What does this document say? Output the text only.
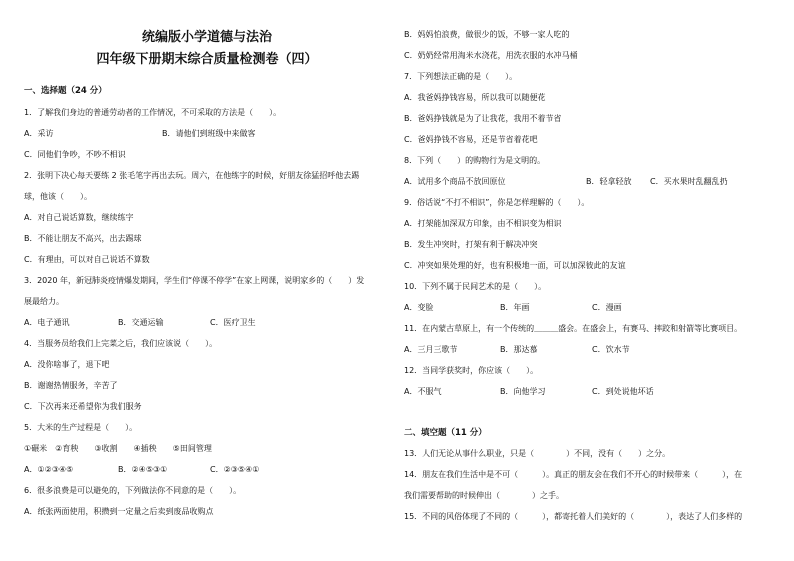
统编版小学道德与法治
四年级下册期末综合质量检测卷（四）
一、选择题（24 分）
1．了解我们身边的普通劳动者的工作情况，不可采取的方法是（　　）。
A．采访	B．请他们到班级中来做客
C．同他们争吵，不吵不相识
2．张明下决心每天要练 2 张毛笔字再出去玩。周六，在他练字的时候，好朋友徐猛招呼他去踢
球，他该（　　）。
A．对自己说话算数，继续练字
B．不能让朋友不高兴，出去踢球
C．有理由，可以对自己说话不算数
3．2020 年，新冠肺炎疫情爆发期间，学生们“停课不停学”在家上网课，说明家乡的（　　）发
展最给力。
A．电子通讯	B．交通运输	C．医疗卫生
4．当服务员给我们上完菜之后，我们应该说（　　）。
A．没你啥事了，退下吧
B．谢谢热情服务，辛苦了
C．下次再来还希望你为我们服务
5．大米的生产过程是（　　）。
①碾米　②育秧　　③收割　　④插秧　　⑤田间管理
A．①②③④⑤	B．②④⑤③①	C．②③⑤④①
6．很多浪费是可以避免的，下列做法你不同意的是（　　）。
A．纸张两面使用，积攒到一定量之后卖到废品收购点
B．妈妈怕浪费，做很少的饭，不够一家人吃的
C．奶奶经常用淘米水浇花，用洗衣服的水冲马桶
7．下列想法正确的是（　　）。
A．我爸妈挣钱容易，所以我可以随便花
B．爸妈挣钱就是为了让我花，我用不着节省
C．爸妈挣钱不容易，还是节省着花吧
8．下列（　　）的购物行为是文明的。
A．试用多个商品不放回原位	B．轻拿轻放 C．买水果时乱翻乱扔
9．俗话说“不打不相识”，你是怎样理解的（　　）。
A．打架能加深双方印象，由不相识变为相识
B．发生冲突时，打架有利于解决冲突
C．冲突如果处理的好，也有积极地一面，可以加深彼此的友谊
10．下列不属于民间艺术的是（　　）。
A．变脸	B．年画	C．漫画
11．在内蒙古草原上，有一个传统的＿＿＿盛会。在盛会上，有赛马、摔跤和射箭等比赛项目。
A．三月三歌节	B．那达慕	C．饮水节
12．当同学获奖时，你应该（　　）。
A．不服气	B．向他学习	C．到处说他坏话
二、填空题（11 分）
13．人们无论从事什么职业，只是（　　　　）不同，没有（　　）之分。
14．朋友在我们生活中是不可（　　　）。真正的朋友会在我们不开心的时候带来（　　　），在
我们需要帮助的时候伸出（　　　　）之手。
15．不同的风俗体现了不同的（　　　），都寄托着人们美好的（　　　　），表达了人们多样的
